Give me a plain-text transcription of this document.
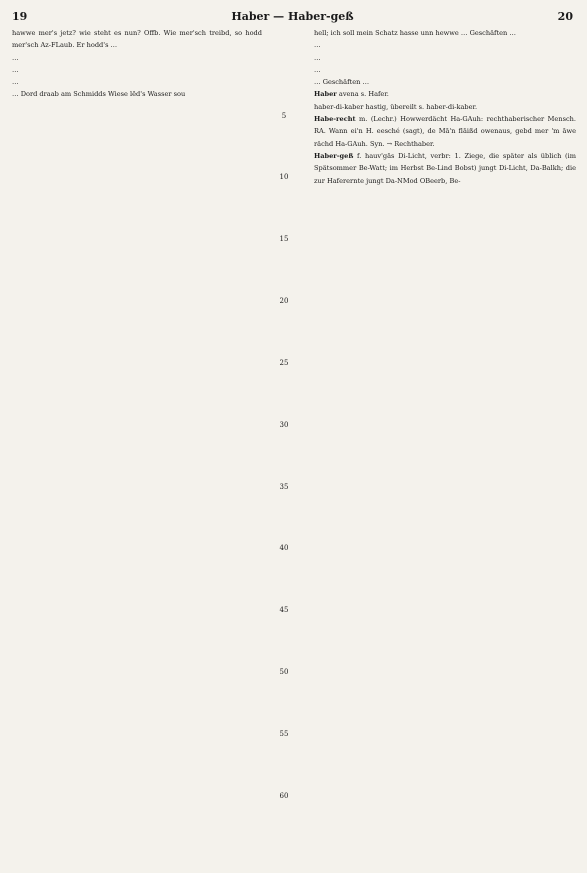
19	Haber — Haber-geß	20

hawwe mer's jetz? wie steht es nun? Offb. Wie mer'sch treibd, so hodd mer'sch Az-FLaub. Er hodd's …

…

…

…

… Dord draab am Schmidds Wiese lēd's Wasser sou

5
10
15
20
25
30
35
40
45
50
55
60

hell; ich soll mein Schatz hasse unn hewwe … Geschäften …

…

…

…

… Geschäften …

Haber avena s. Hafer.

haber-di-kaber hastig, übereilt s. haber-di-kaber.

Habe-recht m. (Lechr.) Howwerdächt Ha-GAuh: rechthaberischer Mensch. RA. Wann ei'n H. eesché (sagt), de Mā'n flāißd owenaus, gebd mer 'm āwe rächd Ha-GAuh. Syn. → Rechthaber.

Haber-geß f. hauv'gās Di-Licht, verbr: 1. Ziege, die später als üblich (im Spätsommer Be-Watt; im Herbst Be-Lind Bobst) jungt Di-Licht, Da-Balkh; die zur Haferernte jungt Da-NMod OBeerb, Be-
